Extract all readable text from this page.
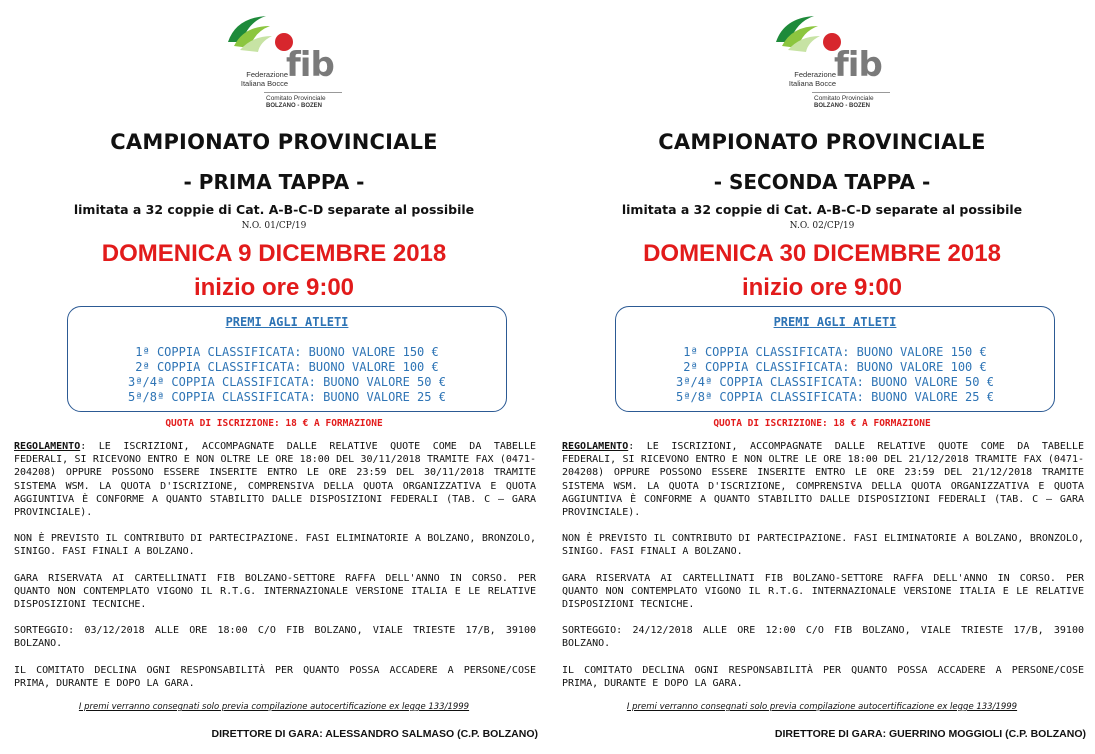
fib
Federazione
Italiana Bocce
Comitato Provinciale
BOLZANO - BOZEN
CAMPIONATO PROVINCIALE
- PRIMA TAPPA -
limitata a 32 coppie di Cat. A-B-C-D separate al possibile
N.O. 01/CP/19
DOMENICA 9 DICEMBRE 2018
inizio ore 9:00
PREMI AGLI ATLETI
1ª COPPIA CLASSIFICATA: BUONO VALORE 150 €
2ª COPPIA CLASSIFICATA: BUONO VALORE 100 €
3ª/4ª COPPIA CLASSIFICATA: BUONO VALORE 50 €
5ª/8ª COPPIA CLASSIFICATA: BUONO VALORE 25 €
QUOTA DI ISCRIZIONE: 18 € A FORMAZIONE

REGOLAMENTO: LE ISCRIZIONI, ACCOMPAGNATE DALLE RELATIVE QUOTE COME DA TABELLE FEDERALI, SI RICEVONO ENTRO E NON OLTRE LE ORE 18:00 DEL 30/11/2018 TRAMITE FAX (0471-204208) OPPURE POSSONO ESSERE INSERITE ENTRO LE ORE 23:59 DEL 30/11/2018 TRAMITE SISTEMA WSM. LA QUOTA D'ISCRIZIONE, COMPRENSIVA DELLA QUOTA ORGANIZZATIVA E QUOTA AGGIUNTIVA È CONFORME A QUANTO STABILITO DALLE DISPOSIZIONI FEDERALI (TAB. C – GARA PROVINCIALE).

NON È PREVISTO IL CONTRIBUTO DI PARTECIPAZIONE. FASI ELIMINATORIE A BOLZANO, BRONZOLO, SINIGO. FASI FINALI A BOLZANO.

GARA RISERVATA AI CARTELLINATI FIB BOLZANO-SETTORE RAFFA DELL'ANNO IN CORSO. PER QUANTO NON CONTEMPLATO VIGONO IL R.T.G. INTERNAZIONALE VERSIONE ITALIA E LE RELATIVE DISPOSIZIONI TECNICHE.

SORTEGGIO: 03/12/2018 ALLE ORE 18:00 C/O FIB BOLZANO, VIALE TRIESTE 17/B, 39100 BOLZANO.

IL COMITATO DECLINA OGNI RESPONSABILITÀ PER QUANTO POSSA ACCADERE A PERSONE/COSE PRIMA, DURANTE E DOPO LA GARA.

I premi verranno consegnati solo previa compilazione autocertificazione ex legge 133/1999
DIRETTORE DI GARA: ALESSANDRO SALMASO (C.P. BOLZANO)
fib
Federazione
Italiana Bocce
Comitato Provinciale
BOLZANO - BOZEN
CAMPIONATO PROVINCIALE
- SECONDA TAPPA -
limitata a 32 coppie di Cat. A-B-C-D separate al possibile
N.O. 02/CP/19
DOMENICA 30 DICEMBRE 2018
inizio ore 9:00
PREMI AGLI ATLETI
1ª COPPIA CLASSIFICATA: BUONO VALORE 150 €
2ª COPPIA CLASSIFICATA: BUONO VALORE 100 €
3ª/4ª COPPIA CLASSIFICATA: BUONO VALORE 50 €
5ª/8ª COPPIA CLASSIFICATA: BUONO VALORE 25 €
QUOTA DI ISCRIZIONE: 18 € A FORMAZIONE

REGOLAMENTO: LE ISCRIZIONI, ACCOMPAGNATE DALLE RELATIVE QUOTE COME DA TABELLE FEDERALI, SI RICEVONO ENTRO E NON OLTRE LE ORE 18:00 DEL 21/12/2018 TRAMITE FAX (0471-204208) OPPURE POSSONO ESSERE INSERITE ENTRO LE ORE 23:59 DEL 21/12/2018 TRAMITE SISTEMA WSM. LA QUOTA D'ISCRIZIONE, COMPRENSIVA DELLA QUOTA ORGANIZZATIVA E QUOTA AGGIUNTIVA È CONFORME A QUANTO STABILITO DALLE DISPOSIZIONI FEDERALI (TAB. C – GARA PROVINCIALE).

NON È PREVISTO IL CONTRIBUTO DI PARTECIPAZIONE. FASI ELIMINATORIE A BOLZANO, BRONZOLO, SINIGO. FASI FINALI A BOLZANO.

GARA RISERVATA AI CARTELLINATI FIB BOLZANO-SETTORE RAFFA DELL'ANNO IN CORSO. PER QUANTO NON CONTEMPLATO VIGONO IL R.T.G. INTERNAZIONALE VERSIONE ITALIA E LE RELATIVE DISPOSIZIONI TECNICHE.

SORTEGGIO: 24/12/2018 ALLE ORE 12:00 C/O FIB BOLZANO, VIALE TRIESTE 17/B, 39100 BOLZANO.

IL COMITATO DECLINA OGNI RESPONSABILITÀ PER QUANTO POSSA ACCADERE A PERSONE/COSE PRIMA, DURANTE E DOPO LA GARA.

I premi verranno consegnati solo previa compilazione autocertificazione ex legge 133/1999
DIRETTORE DI GARA: GUERRINO MOGGIOLI (C.P. BOLZANO)
